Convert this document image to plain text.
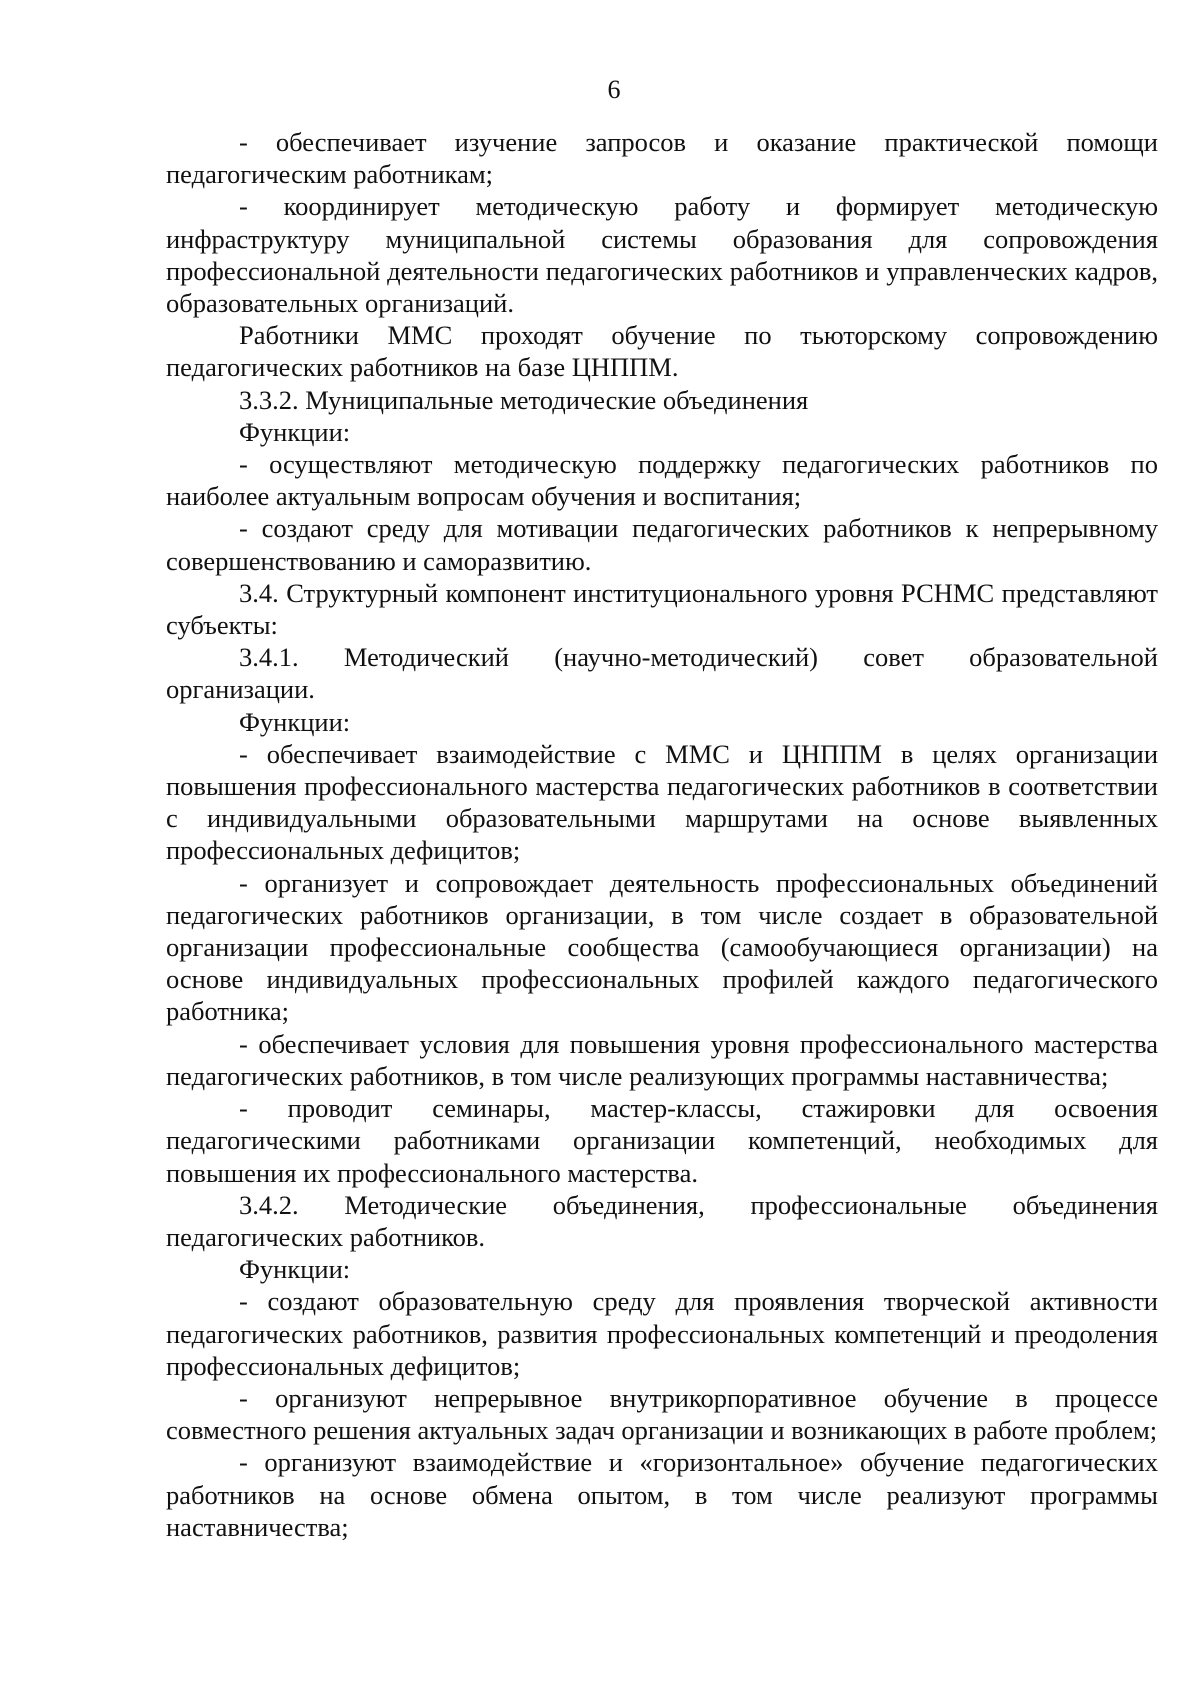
6

- обеспечивает изучение запросов и оказание практической помощи педагогическим работникам;

- координирует методическую работу и формирует методическую инфраструктуру муниципальной системы образования для сопровождения профессиональной деятельности педагогических работников и управленческих кадров, образовательных организаций.

Работники ММС проходят обучение по тьюторскому сопровождению педагогических работников на базе ЦНППМ.

3.3.2. Муниципальные методические объединения

Функции:

- осуществляют методическую поддержку педагогических работников по наиболее актуальным вопросам обучения и воспитания;

- создают среду для мотивации педагогических работников к непрерывному совершенствованию и саморазвитию.

3.4. Структурный компонент институционального уровня РСНМС представляют субъекты:

3.4.1. Методический (научно-методический) совет образовательной организации.

Функции:

- обеспечивает взаимодействие с ММС и ЦНППМ в целях организации повышения профессионального мастерства педагогических работников в соответствии с индивидуальными образовательными маршрутами на основе выявленных профессиональных дефицитов;

- организует и сопровождает деятельность профессиональных объединений педагогических работников организации, в том числе создает в образовательной организации профессиональные сообщества (самообучающиеся организации) на основе индивидуальных профессиональных профилей каждого педагогического работника;

- обеспечивает условия для повышения уровня профессионального мастерства педагогических работников, в том числе реализующих программы наставничества;

- проводит семинары, мастер-классы, стажировки для освоения педагогическими работниками организации компетенций, необходимых для повышения их профессионального мастерства.

3.4.2. Методические объединения, профессиональные объединения педагогических работников.

Функции:

- создают образовательную среду для проявления творческой активности педагогических работников, развития профессиональных компетенций и преодоления профессиональных дефицитов;

- организуют непрерывное внутрикорпоративное обучение в процессе совместного решения актуальных задач организации и возникающих в работе проблем;

- организуют взаимодействие и «горизонтальное» обучение педагогических работников на основе обмена опытом, в том числе реализуют программы наставничества;
